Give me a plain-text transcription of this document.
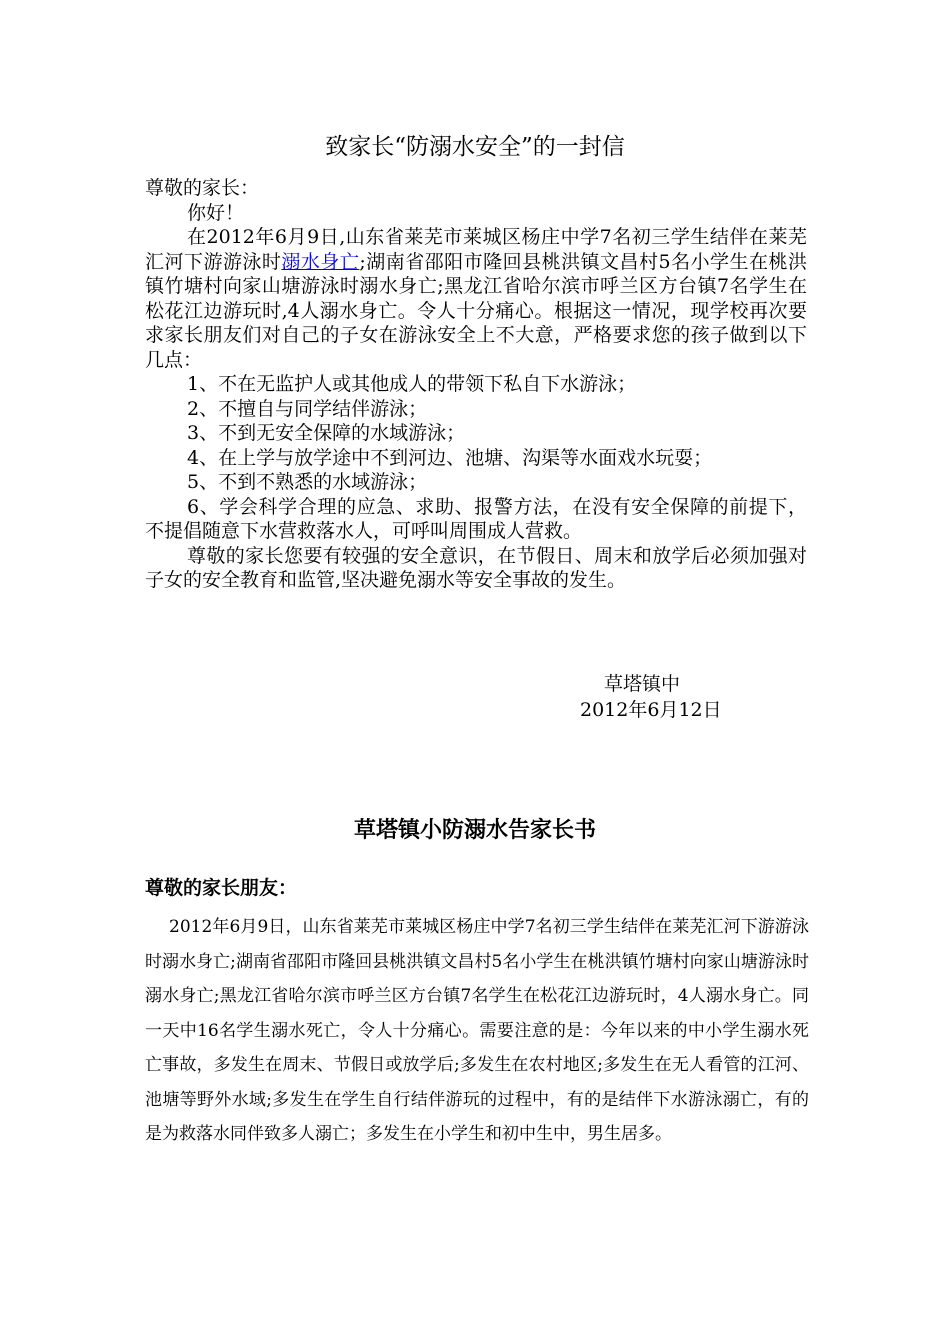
致家长“防溺水安全”的一封信

尊敬的家长：

你好！

在2012年6月9日,山东省莱芜市莱城区杨庄中学7名初三学生结伴在莱芜汇河下游游泳时溺水身亡;湖南省邵阳市隆回县桃洪镇文昌村5名小学生在桃洪镇竹塘村向家山塘游泳时溺水身亡;黑龙江省哈尔滨市呼兰区方台镇7名学生在松花江边游玩时,4人溺水身亡。令人十分痛心。根据这一情况，现学校再次要求家长朋友们对自己的子女在游泳安全上不大意，严格要求您的孩子做到以下几点：

1、不在无监护人或其他成人的带领下私自下水游泳；

2、不擅自与同学结伴游泳；

3、不到无安全保障的水域游泳；

4、在上学与放学途中不到河边、池塘、沟渠等水面戏水玩耍；

5、不到不熟悉的水域游泳；

6、学会科学合理的应急、求助、报警方法，在没有安全保障的前提下，不提倡随意下水营救落水人，可呼叫周围成人营救。

尊敬的家长您要有较强的安全意识，在节假日、周末和放学后必须加强对子女的安全教育和监管,坚决避免溺水等安全事故的发生。

草塔镇中
2012年6月12日
草塔镇小防溺水告家长书
尊敬的家长朋友：

2012年6月9日，山东省莱芜市莱城区杨庄中学7名初三学生结伴在莱芜汇河下游游泳时溺水身亡;湖南省邵阳市隆回县桃洪镇文昌村5名小学生在桃洪镇竹塘村向家山塘游泳时溺水身亡;黑龙江省哈尔滨市呼兰区方台镇7名学生在松花江边游玩时，4人溺水身亡。同一天中16名学生溺水死亡，令人十分痛心。需要注意的是：今年以来的中小学生溺水死亡事故，多发生在周末、节假日或放学后;多发生在农村地区;多发生在无人看管的江河、池塘等野外水域;多发生在学生自行结伴游玩的过程中，有的是结伴下水游泳溺亡，有的是为救落水同伴致多人溺亡；多发生在小学生和初中生中，男生居多。
